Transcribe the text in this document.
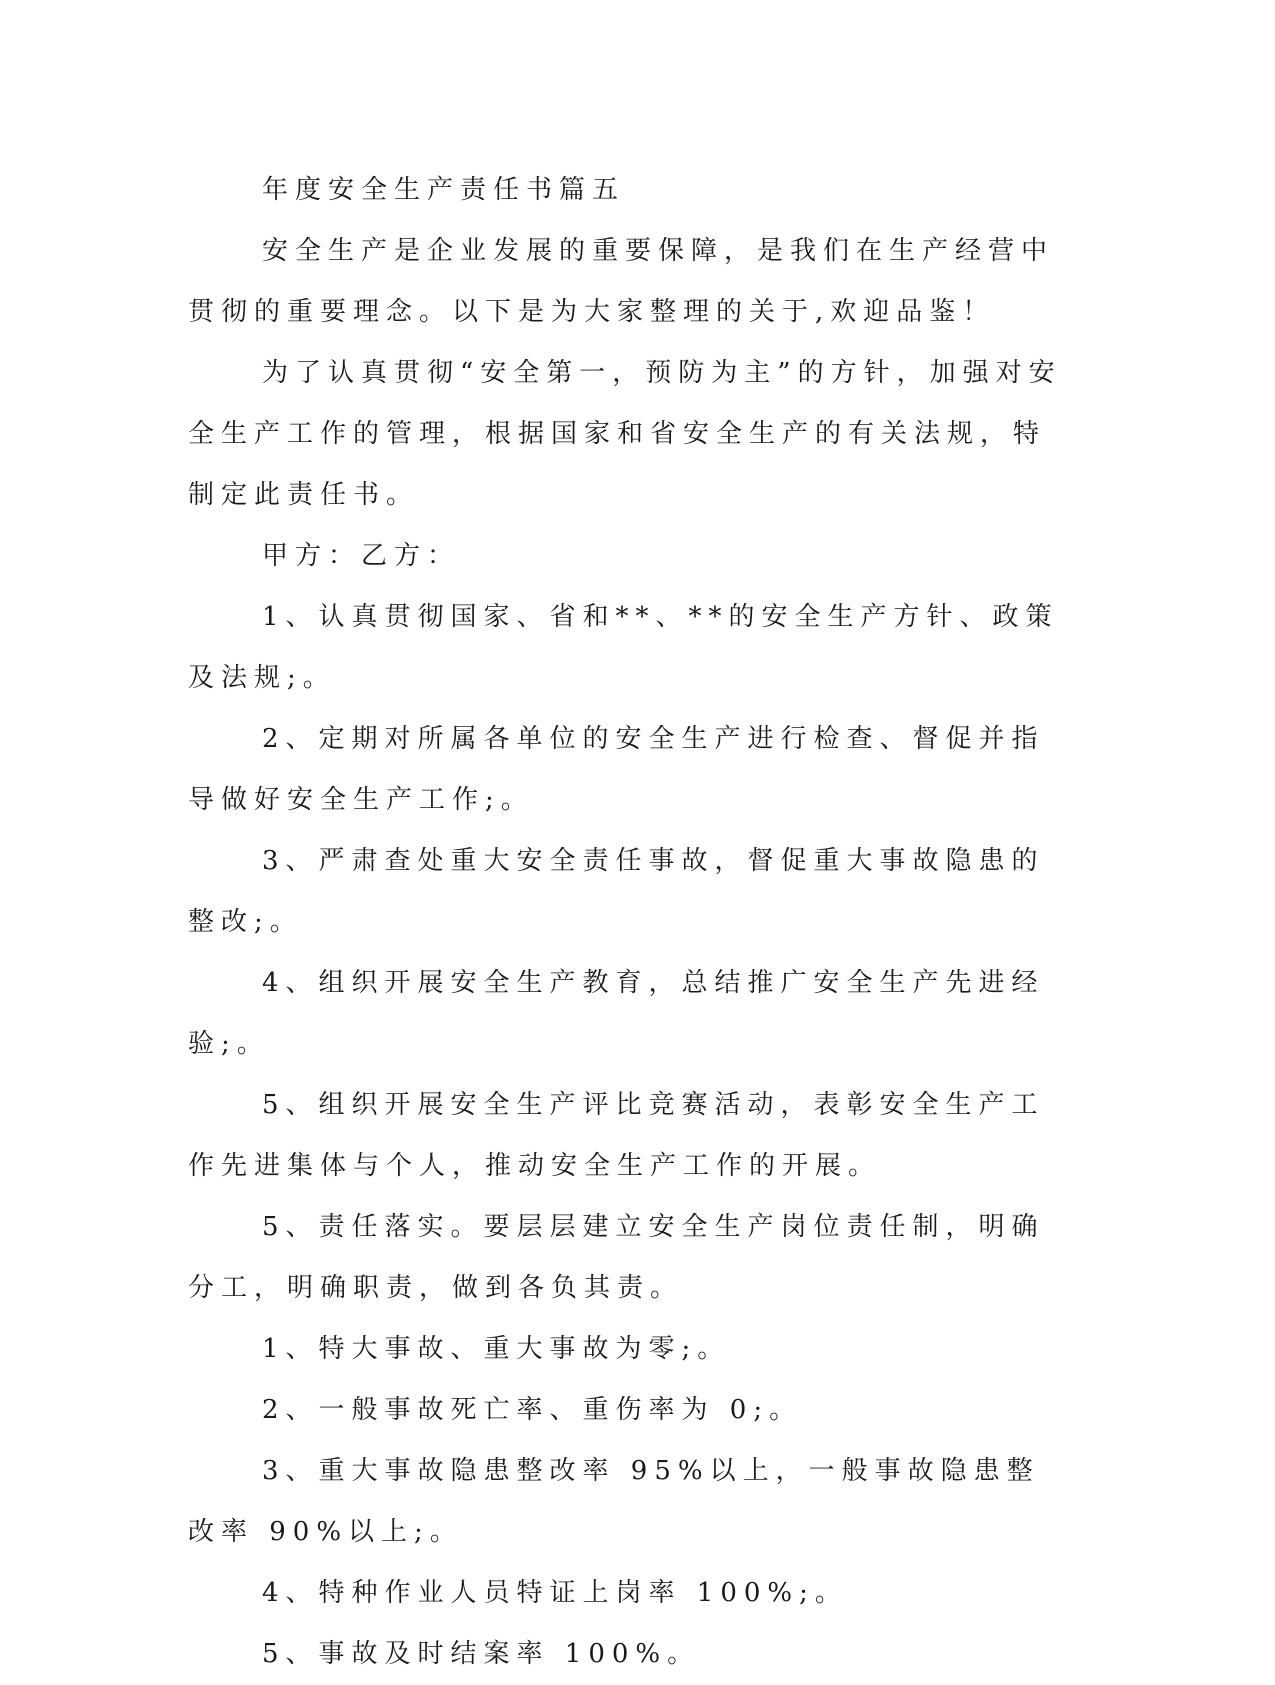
年度安全生产责任书篇五

安全生产是企业发展的重要保障，是我们在生产经营中贯彻的重要理念。以下是为大家整理的关于,欢迎品鉴！

为了认真贯彻“安全第一，预防为主”的方针，加强对安全生产工作的管理，根据国家和省安全生产的有关法规，特制定此责任书。

甲方：乙方：

1、认真贯彻国家、省和**、**的安全生产方针、政策及法规;。

2、定期对所属各单位的安全生产进行检查、督促并指导做好安全生产工作;。

3、严肃查处重大安全责任事故，督促重大事故隐患的整改;。

4、组织开展安全生产教育，总结推广安全生产先进经验;。

5、组织开展安全生产评比竞赛活动，表彰安全生产工作先进集体与个人，推动安全生产工作的开展。

5、责任落实。要层层建立安全生产岗位责任制，明确分工，明确职责，做到各负其责。

1、特大事故、重大事故为零;。

2、一般事故死亡率、重伤率为 0;。

3、重大事故隐患整改率 95%以上，一般事故隐患整改率 90%以上;。

4、特种作业人员特证上岗率 100%;。

5、事故及时结案率 100%。
